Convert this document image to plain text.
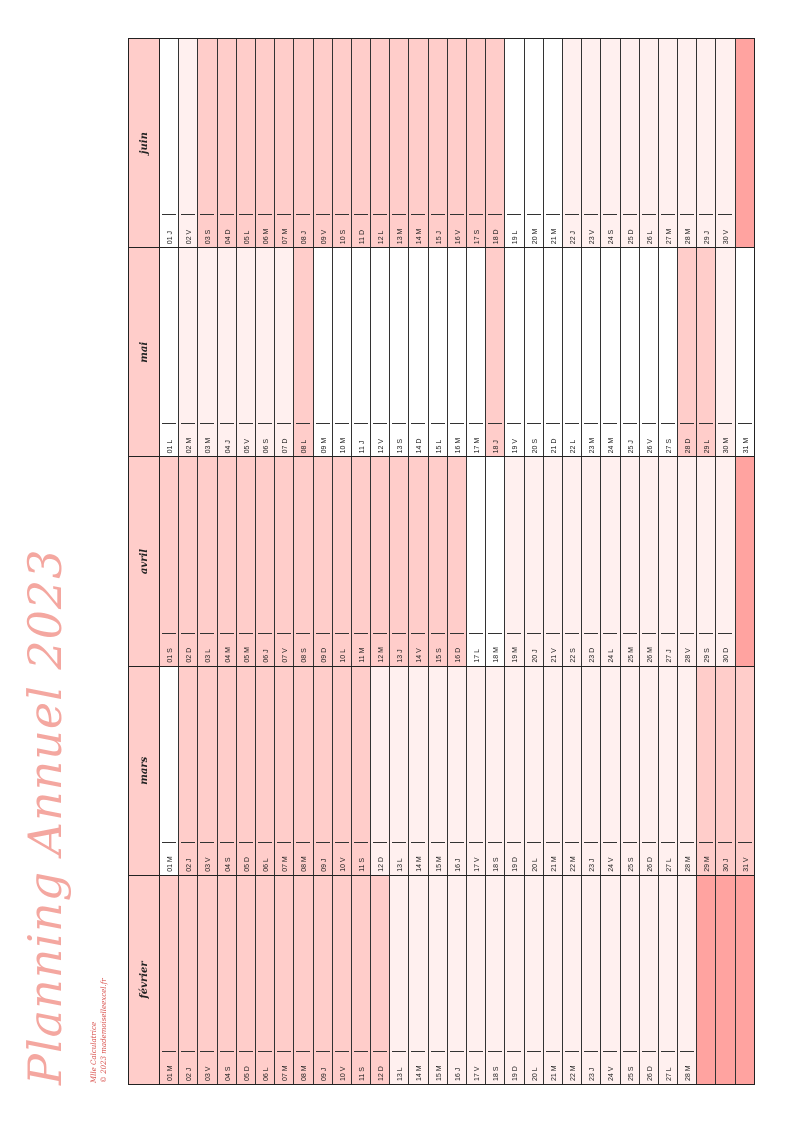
Planning Annuel 2023	Mlle Calculatrice © 2023 mademoiselleexcel.fr	février
01 M	02 J	03 V	04 S	05 D	06 L	07 M	08 M	09 J	10 V	11 S	12 D	13 L	14 M	15 M	16 J	17 V	18 S	19 D	20 L	21 M	22 M	23 J	24 V	25 S	26 D	27 L	28 M
mars
01 M	02 J	03 V	04 S	05 D	06 L	07 M	08 M	09 J	10 V	11 S	12 D	13 L	14 M	15 M	16 J	17 V	18 S	19 D	20 L	21 M	22 M	23 J	24 V	25 S	26 D	27 L	28 M	29 M	30 J	31 V
avril
01 S	02 D	03 L	04 M	05 M	06 J	07 V	08 S	09 D	10 L	11 M	12 M	13 J	14 V	15 S	16 D	17 L	18 M	19 M	20 J	21 V	22 S	23 D	24 L	25 M	26 M	27 J	28 V	29 S	30 D
mai
01 L	02 M	03 M	04 J	05 V	06 S	07 D	08 L	09 M	10 M	11 J	12 V	13 S	14 D	15 L	16 M	17 M	18 J	19 V	20 S	21 D	22 L	23 M	24 M	25 J	26 V	27 S	28 D	29 L	30 M	31 M
juin
01 J	02 V	03 S	04 D	05 L	06 M	07 M	08 J	09 V	10 S	11 D	12 L	13 M	14 M	15 J	16 V	17 S	18 D	19 L	20 M	21 M	22 J	23 V	24 S	25 D	26 L	27 M	28 M	29 J	30 V
